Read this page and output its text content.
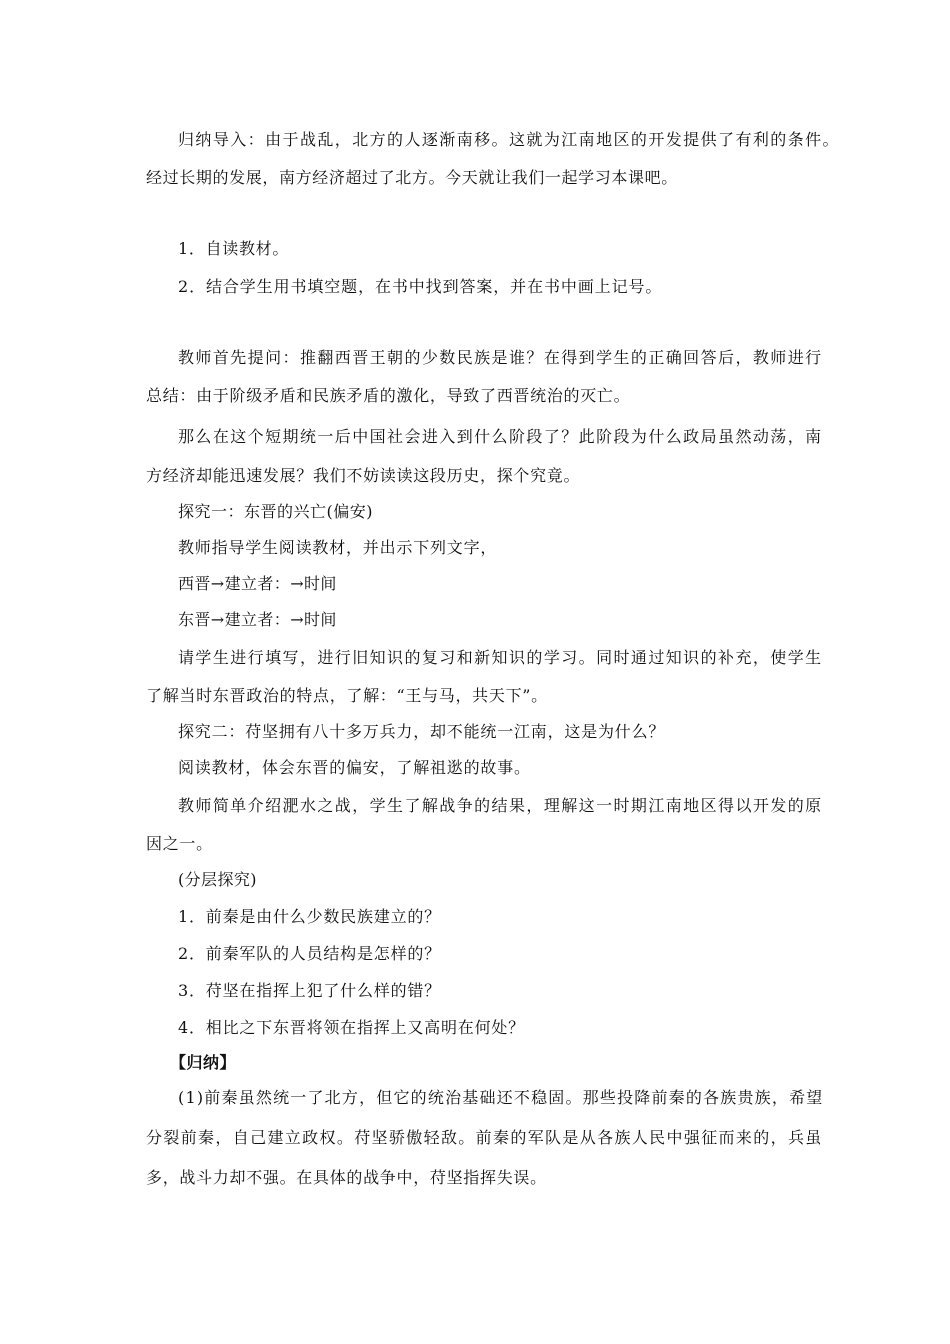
归纳导入：由于战乱，北方的人逐渐南移。这就为江南地区的开发提供了有利的条件。
经过长期的发展，南方经济超过了北方。今天就让我们一起学习本课吧。
1．自读教材。
2．结合学生用书填空题，在书中找到答案，并在书中画上记号。
教师首先提问：推翻西晋王朝的少数民族是谁？在得到学生的正确回答后，教师进行
总结：由于阶级矛盾和民族矛盾的激化，导致了西晋统治的灭亡。
那么在这个短期统一后中国社会进入到什么阶段了？此阶段为什么政局虽然动荡，南
方经济却能迅速发展？我们不妨读读这段历史，探个究竟。
探究一：东晋的兴亡(偏安)
教师指导学生阅读教材，并出示下列文字，
西晋→建立者：→时间
东晋→建立者：→时间
请学生进行填写，进行旧知识的复习和新知识的学习。同时通过知识的补充，使学生
了解当时东晋政治的特点，了解：“王与马，共天下”。
探究二：苻坚拥有八十多万兵力，却不能统一江南，这是为什么？
阅读教材，体会东晋的偏安，了解祖逖的故事。
教师简单介绍淝水之战，学生了解战争的结果，理解这一时期江南地区得以开发的原
因之一。
(分层探究)
1．前秦是由什么少数民族建立的？
2．前秦军队的人员结构是怎样的？
3．苻坚在指挥上犯了什么样的错？
4．相比之下东晋将领在指挥上又高明在何处？
【归纳】
(1)前秦虽然统一了北方，但它的统治基础还不稳固。那些投降前秦的各族贵族，希望
分裂前秦，自己建立政权。苻坚骄傲轻敌。前秦的军队是从各族人民中强征而来的，兵虽
多，战斗力却不强。在具体的战争中，苻坚指挥失误。
